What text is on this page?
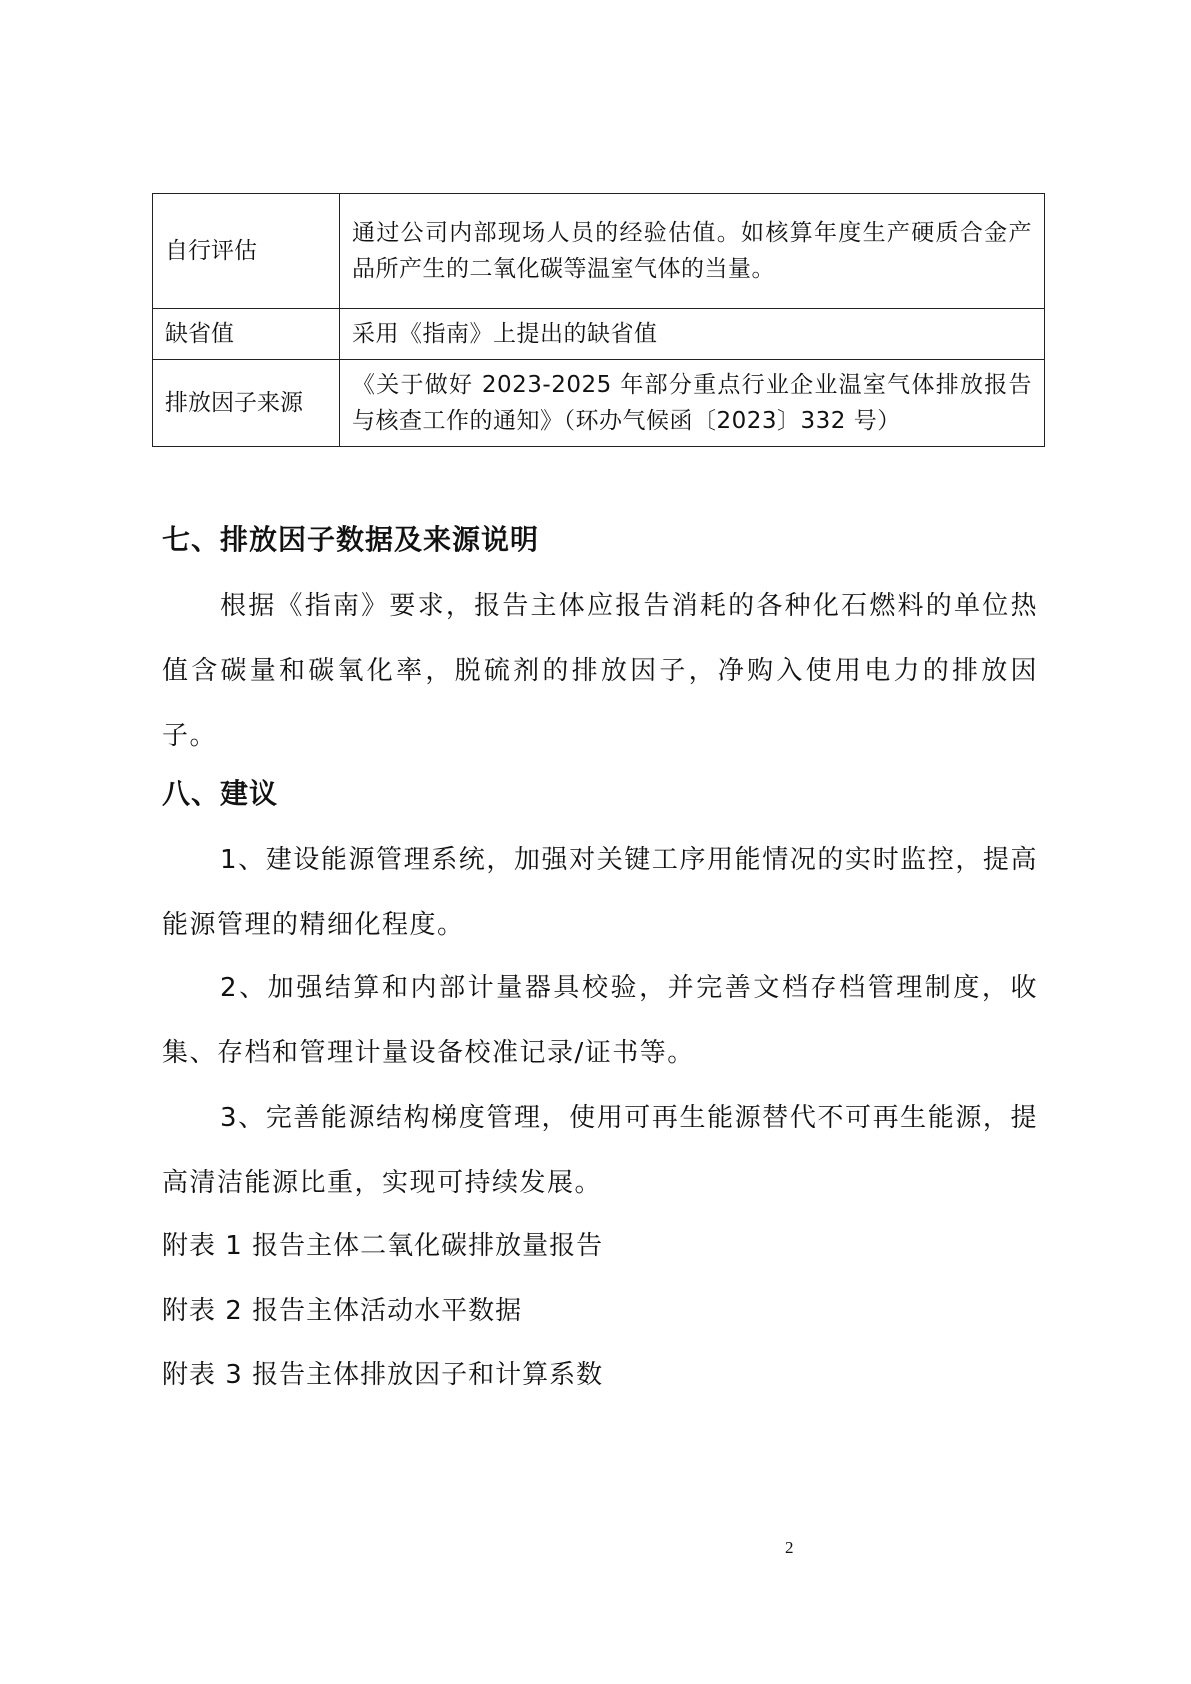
自行评估	通过公司内部现场人员的经验估值。如核算年度生产硬质合金产品所产生的二氧化碳等温室气体的当量。
缺省值	采用《指南》上提出的缺省值
排放因子来源	《关于做好 2023-2025 年部分重点行业企业温室气体排放报告与核查工作的通知》（环办气候函〔2023〕332 号）
七、排放因子数据及来源说明

根据《指南》要求，报告主体应报告消耗的各种化石燃料的单位热值含碳量和碳氧化率，脱硫剂的排放因子，净购入使用电力的排放因子。

八、建议

1、建设能源管理系统，加强对关键工序用能情况的实时监控，提高能源管理的精细化程度。

2、加强结算和内部计量器具校验，并完善文档存档管理制度，收集、存档和管理计量设备校准记录/证书等。

3、完善能源结构梯度管理，使用可再生能源替代不可再生能源，提高清洁能源比重，实现可持续发展。

附表 1 报告主体二氧化碳排放量报告

附表 2 报告主体活动水平数据

附表 3 报告主体排放因子和计算系数

2
